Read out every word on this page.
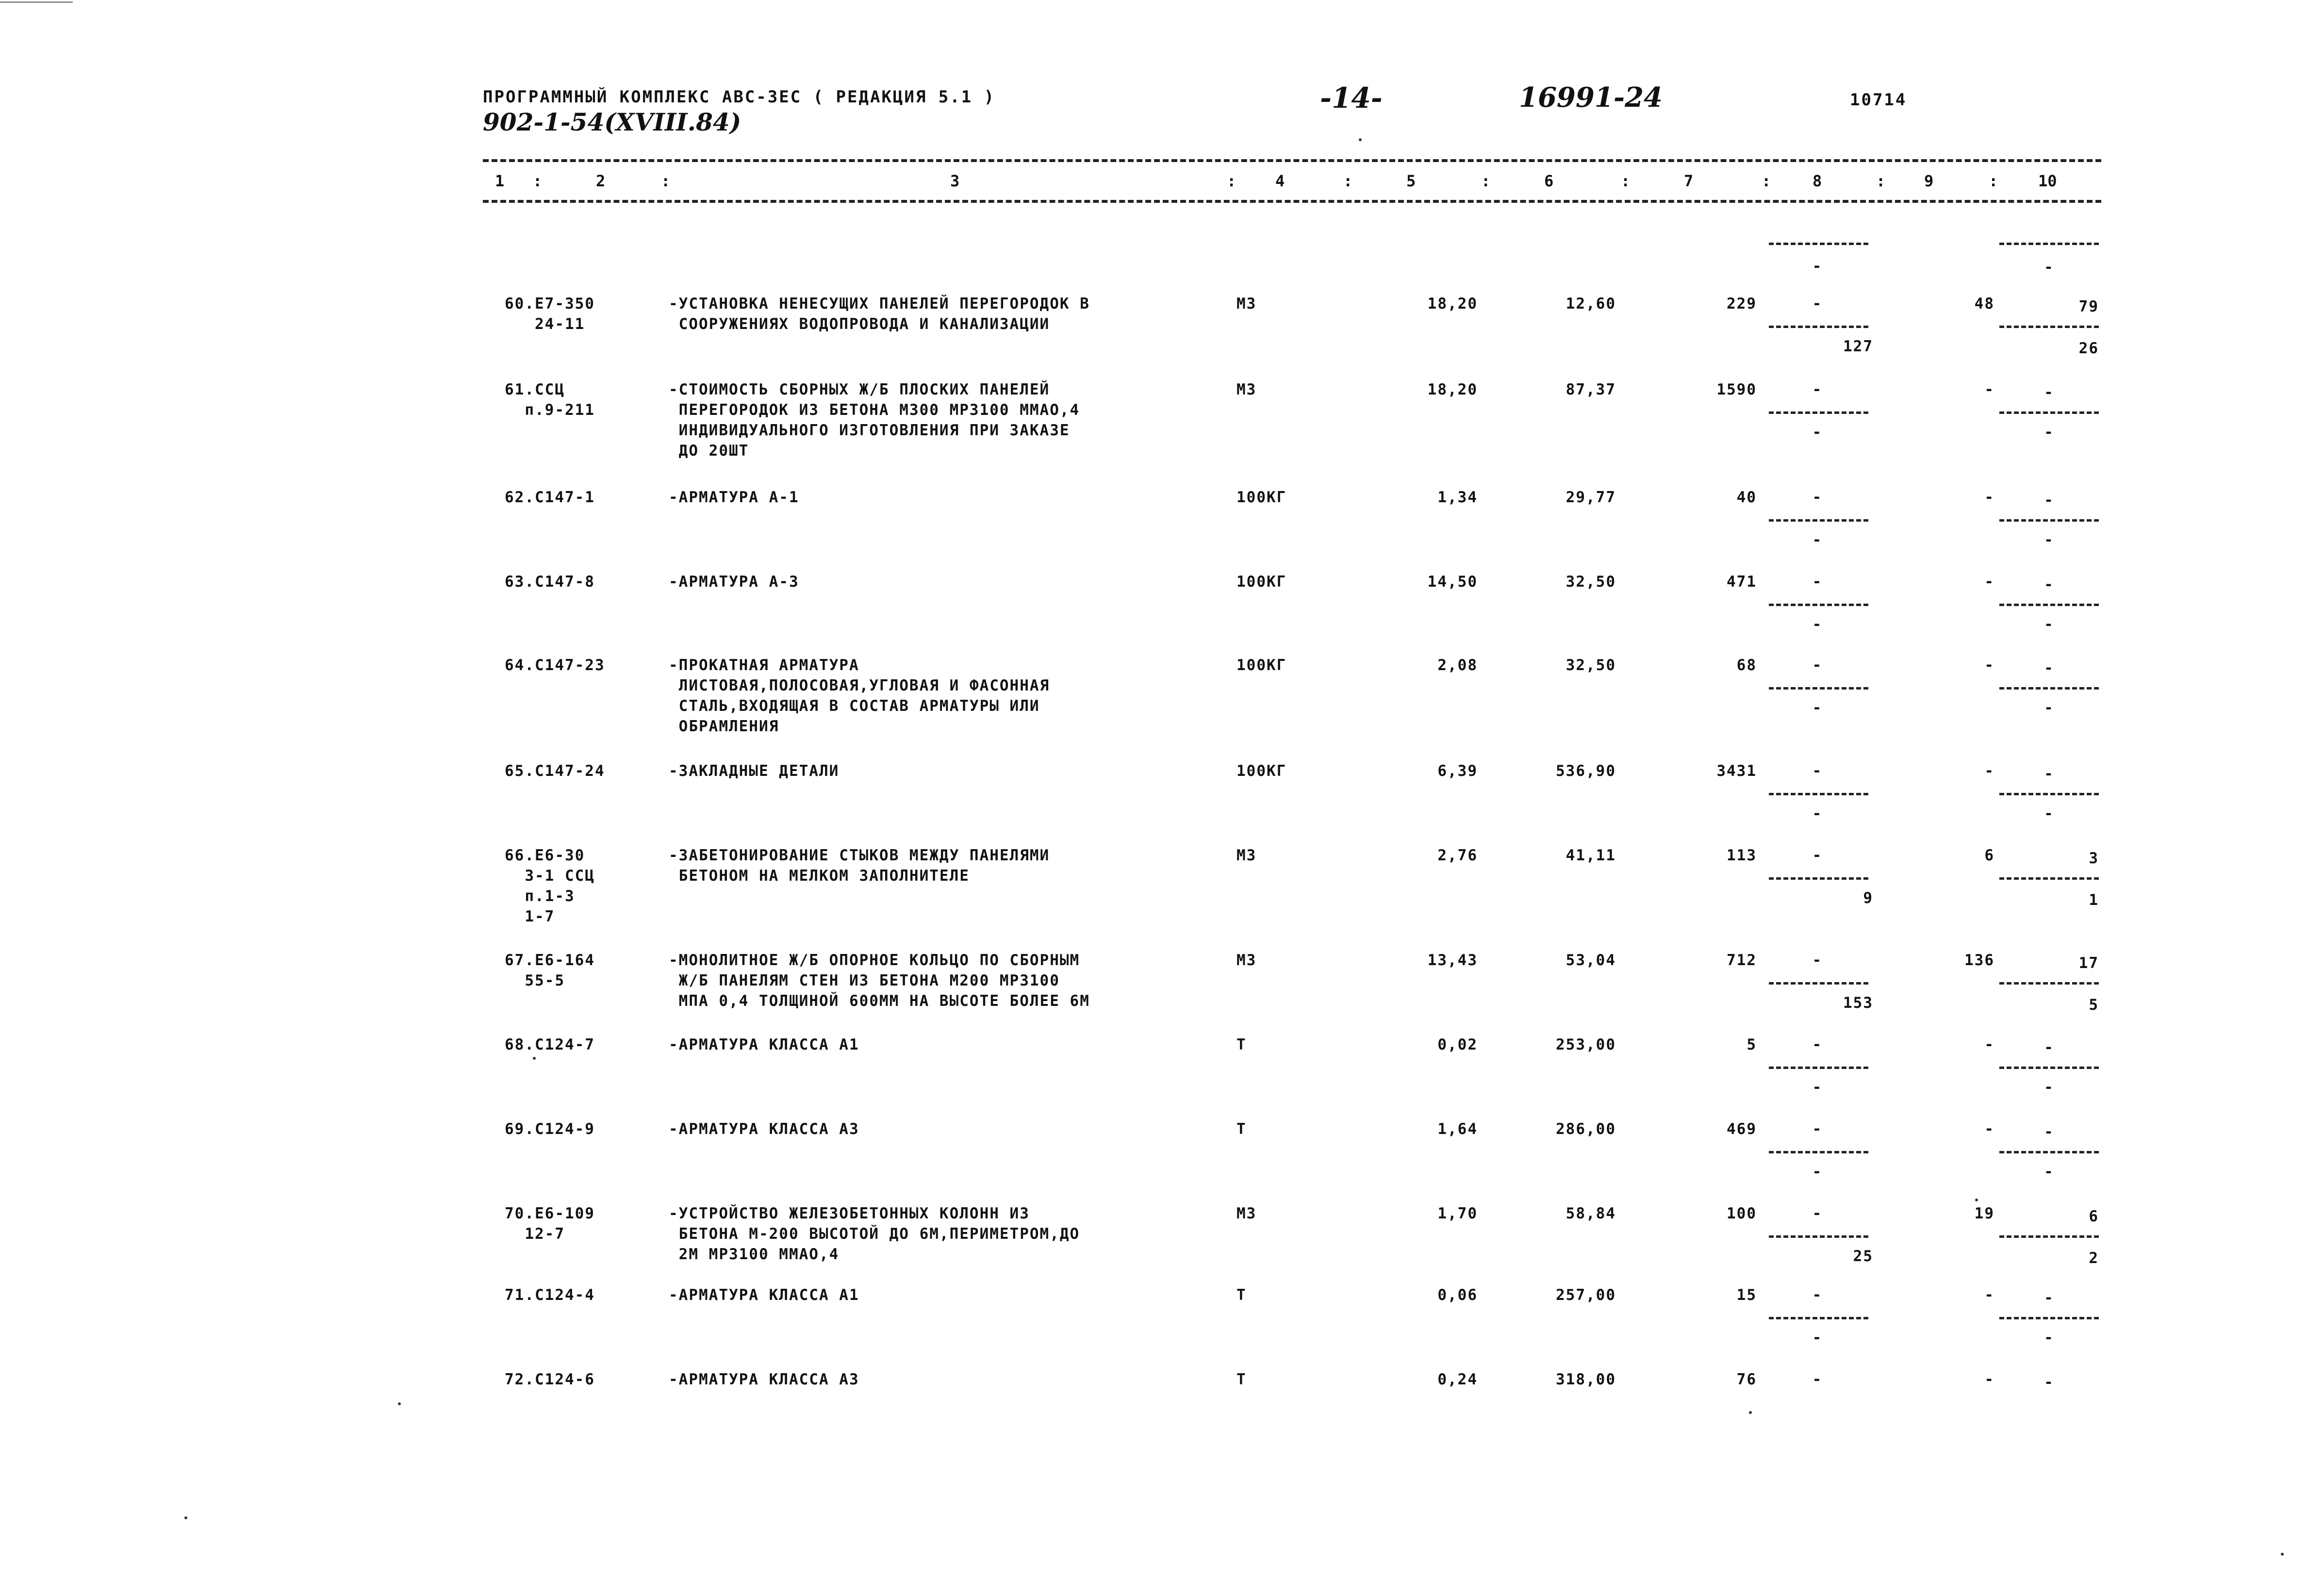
ПРОГРАММНЫЙ КОМПЛЕКС АВС-ЗЕС ( РЕДАКЦИЯ 5.1 )
902-1-54(XVIII.84)
-14-	16991-24	10714
1 :	2	:	3	:	4	:	5	:	6	:	7	:	8	: 9	:	10
-	-
60.Е7-350
24-11
-УСТАНОВКА НЕНЕСУЩИХ ПАНЕЛЕЙ ПЕРЕГОРОДОК В
СООРУЖЕНИЯХ ВОДОПРОВОДА И КАНАЛИЗАЦИИ
М3	18,20	12,60	229	-	48	79
127	26
61.ССЦ
п.9-211
-СТОИМОСТЬ СБОРНЫХ Ж/Б ПЛОСКИХ ПАНЕЛЕЙ
ПЕРЕГОРОДОК ИЗ БЕТОНА М300 МРЗ100 ММАО,4
ИНДИВИДУАЛЬНОГО ИЗГОТОВЛЕНИЯ ПРИ ЗАКАЗЕ
ДО 20ШТ
М3	18,20	87,37	1590	-	-	-
-	-
62.С147-1	-АРМАТУРА А-1	100КГ	1,34	29,77	40	-	-	-
-	-
63.С147-8	-АРМАТУРА А-3	100КГ	14,50	32,50	471	-	-	-
-	-
64.С147-23	-ПРОКАТНАЯ АРМАТУРА
ЛИСТОВАЯ,ПОЛОСОВАЯ,УГЛОВАЯ И ФАСОННАЯ
СТАЛЬ,ВХОДЯЩАЯ В СОСТАВ АРМАТУРЫ ИЛИ
ОБРАМЛЕНИЯ
100КГ	2,08	32,50	68	-	-	-
-	-
65.С147-24	-ЗАКЛАДНЫЕ ДЕТАЛИ	100КГ	6,39	536,90	3431	-	-	-
-	-
66.Е6-30
3-1 ССЦ
п.1-3
1-7
-ЗАБЕТОНИРОВАНИЕ СТЫКОВ МЕЖДУ ПАНЕЛЯМИ
БЕТОНОМ НА МЕЛКОМ ЗАПОЛНИТЕЛЕ
М3	2,76	41,11	113	-	6	3
9	1
67.Е6-164
55-5
-МОНОЛИТНОЕ Ж/Б ОПОРНОЕ КОЛЬЦО ПО СБОРНЫМ
Ж/Б ПАНЕЛЯМ СТЕН ИЗ БЕТОНА М200 МРЗ100
МПА 0,4 ТОЛЩИНОЙ 600ММ НА ВЫСОТЕ БОЛЕЕ 6М
М3	13,43	53,04	712	-	136	17
153	5
68.С124-7	-АРМАТУРА КЛАССА А1	Т	0,02	253,00	5	-	-	-
-	-
69.С124-9	-АРМАТУРА КЛАССА А3	Т	1,64	286,00	469	-	-	-
-	-
70.Е6-109
12-7
-УСТРОЙСТВО ЖЕЛЕЗОБЕТОННЫХ КОЛОНН ИЗ
БЕТОНА М-200 ВЫСОТОЙ ДО 6М,ПЕРИМЕТРОМ,ДО
2М МРЗ100 ММАО,4
М3	1,70	58,84	100	-	19	6
25	2
71.С124-4	-АРМАТУРА КЛАССА А1	Т	0,06	257,00	15	-	-	-
-	-
72.С124-6	-АРМАТУРА КЛАССА А3	Т	0,24	318,00	76	-	-	-
